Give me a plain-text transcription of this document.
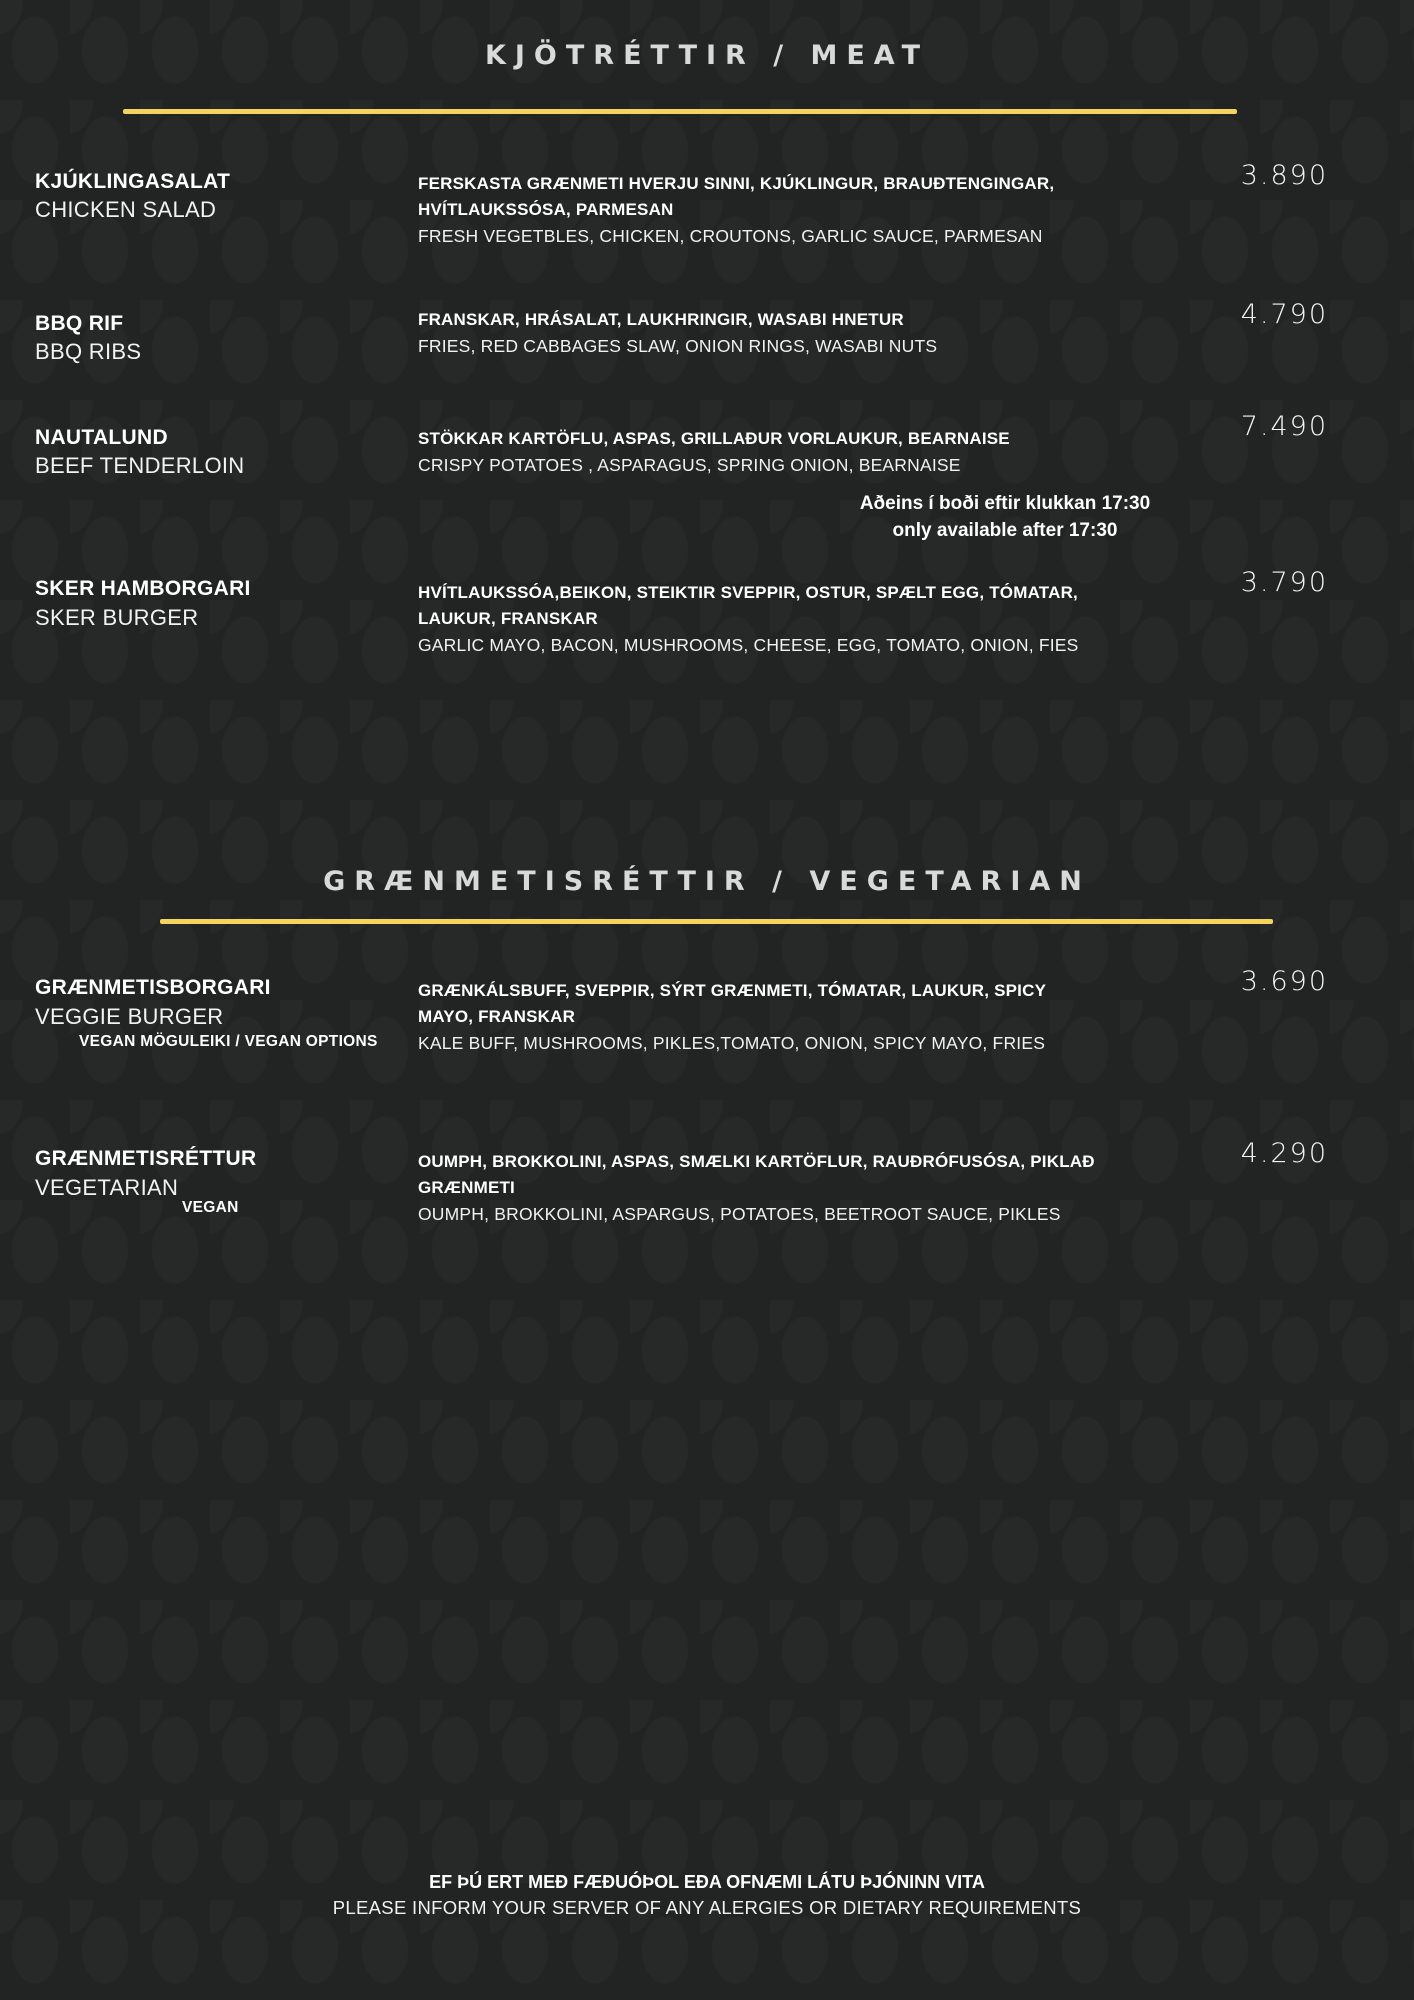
KJÖTRÉTTIR / MEAT
KJÚKLINGASALAT
CHICKEN SALAD
FERSKASTA GRÆNMETI HVERJU SINNI, KJÚKLINGUR, BRAUÐTENGINGAR, HVÍTLAUKSSÓSA, PARMESAN
FRESH VEGETBLES, CHICKEN, CROUTONS, GARLIC SAUCE, PARMESAN
3.890
BBQ RIF
BBQ RIBS
FRANSKAR, HRÁSALAT, LAUKHRINGIR, WASABI HNETUR
FRIES, RED CABBAGES SLAW, ONION RINGS, WASABI NUTS
4.790
NAUTALUND
BEEF TENDERLOIN
STÖKKAR KARTÖFLU, ASPAS, GRILLAÐUR VORLAUKUR, BEARNAISE
CRISPY POTATOES , ASPARAGUS, SPRING ONION, BEARNAISE
7.490
Aðeins í boði eftir klukkan 17:30
only available after 17:30
SKER HAMBORGARI
SKER BURGER
HVÍTLAUKSSÓA,BEIKON, STEIKTIR SVEPPIR, OSTUR, SPÆLT EGG, TÓMATAR, LAUKUR, FRANSKAR
GARLIC MAYO, BACON, MUSHROOMS, CHEESE, EGG, TOMATO, ONION, FIES
3.790
GRÆNMETISRÉTTIR / VEGETARIAN
GRÆNMETISBORGARI
VEGGIE BURGER
VEGAN MÖGULEIKI / VEGAN OPTIONS
GRÆNKÁLSBUFF, SVEPPIR, SÝRT GRÆNMETI, TÓMATAR, LAUKUR, SPICY MAYO, FRANSKAR
KALE BUFF, MUSHROOMS, PIKLES,TOMATO, ONION, SPICY MAYO, FRIES
3.690
GRÆNMETISRÉTTUR
VEGETARIAN
VEGAN
OUMPH, BROKKOLINI, ASPAS, SMÆLKI KARTÖFLUR, RAUÐRÓFUSÓSA, PIKLAÐ GRÆNMETI
OUMPH, BROKKOLINI, ASPARGUS, POTATOES, BEETROOT SAUCE, PIKLES
4.290
EF ÞÚ ERT MEÐ FÆÐUÓÞOL EÐA OFNÆMI LÁTU ÞJÓNINN VITA
PLEASE INFORM YOUR SERVER OF ANY ALERGIES OR DIETARY REQUIREMENTS
